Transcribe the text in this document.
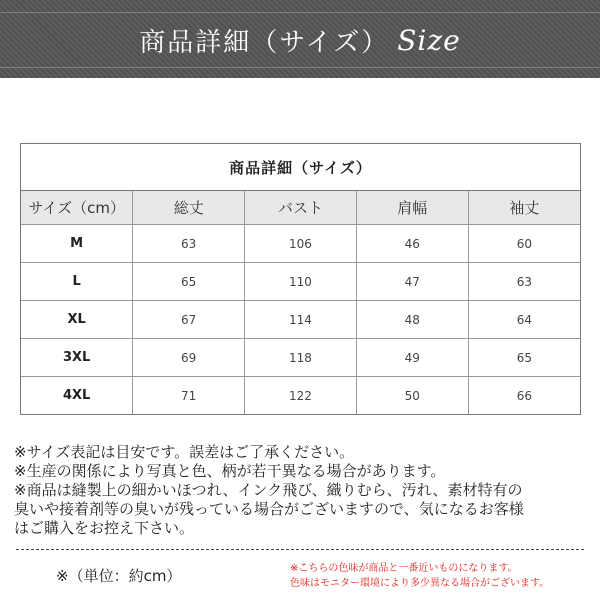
商品詳細（サイズ） Size
商品詳細（サイズ）
サイズ（cm）	総丈	バスト	肩幅	袖丈
M	63	106	46	60
L	65	110	47	63
XL	67	114	48	64
3XL	69	118	49	65
4XL	71	122	50	66
※サイズ表記は目安です。誤差はご了承ください。
※生産の関係により写真と色、柄が若干異なる場合があります。
※商品は縫製上の細かいほつれ、インク飛び、織りむら、汚れ、素材特有の
臭いや接着剤等の臭いが残っている場合がございますので、気になるお客様
はご購入をお控え下さい。
※（単位：約cm）	※こちらの色味が商品と一番近いものになります。
色味はモニター環境により多少異なる場合がございます。
